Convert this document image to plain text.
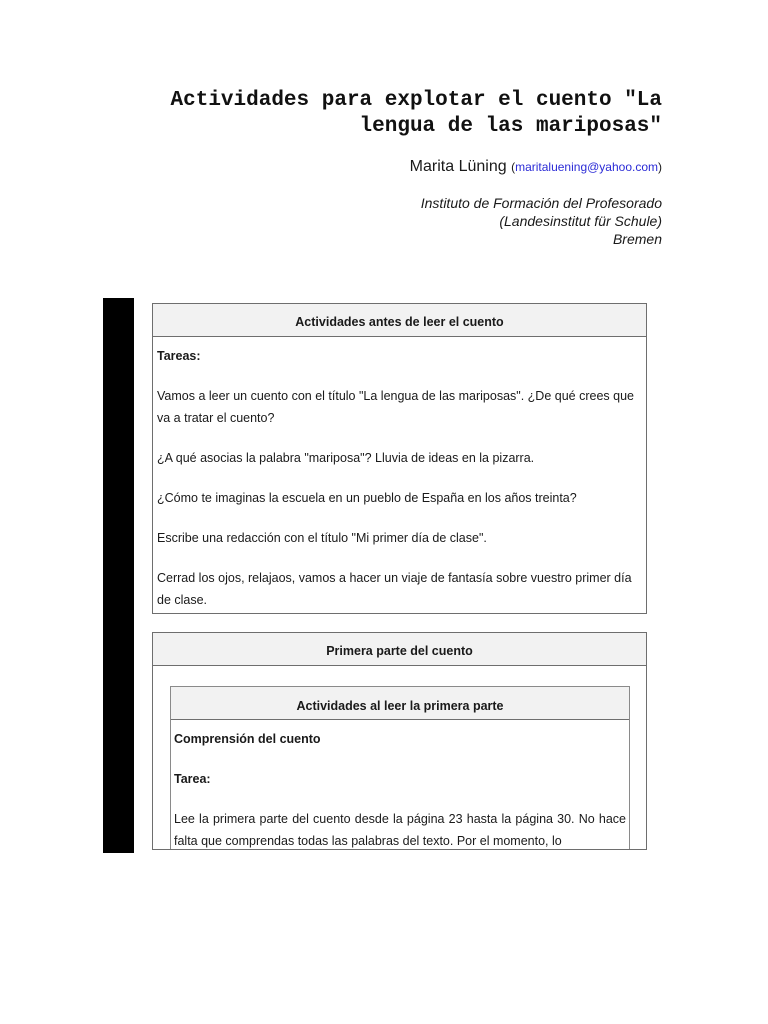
Actividades para explotar el cuento "La lengua de las mariposas"
Marita Lüning (maritaluening@yahoo.com)
Instituto de Formación del Profesorado
(Landesinstitut für Schule)
Bremen
Actividades antes de leer el cuento

Tareas:

Vamos a leer un cuento con el título "La lengua de las mariposas". ¿De qué crees que va a tratar el cuento?

¿A qué asocias la palabra "mariposa"? Lluvia de ideas en la pizarra.

¿Cómo te imaginas la escuela en un pueblo de España en los años treinta?

Escribe una redacción con el título "Mi primer día de clase".

Cerrad los ojos, relajaos, vamos a hacer un viaje de fantasía sobre vuestro primer día de clase.

Primera parte del cuento
Actividades al leer la primera parte

Comprensión del cuento

Tarea:

Lee la primera parte del cuento desde la página 23 hasta la página 30. No hace falta que comprendas todas las palabras del texto. Por el momento, lo
